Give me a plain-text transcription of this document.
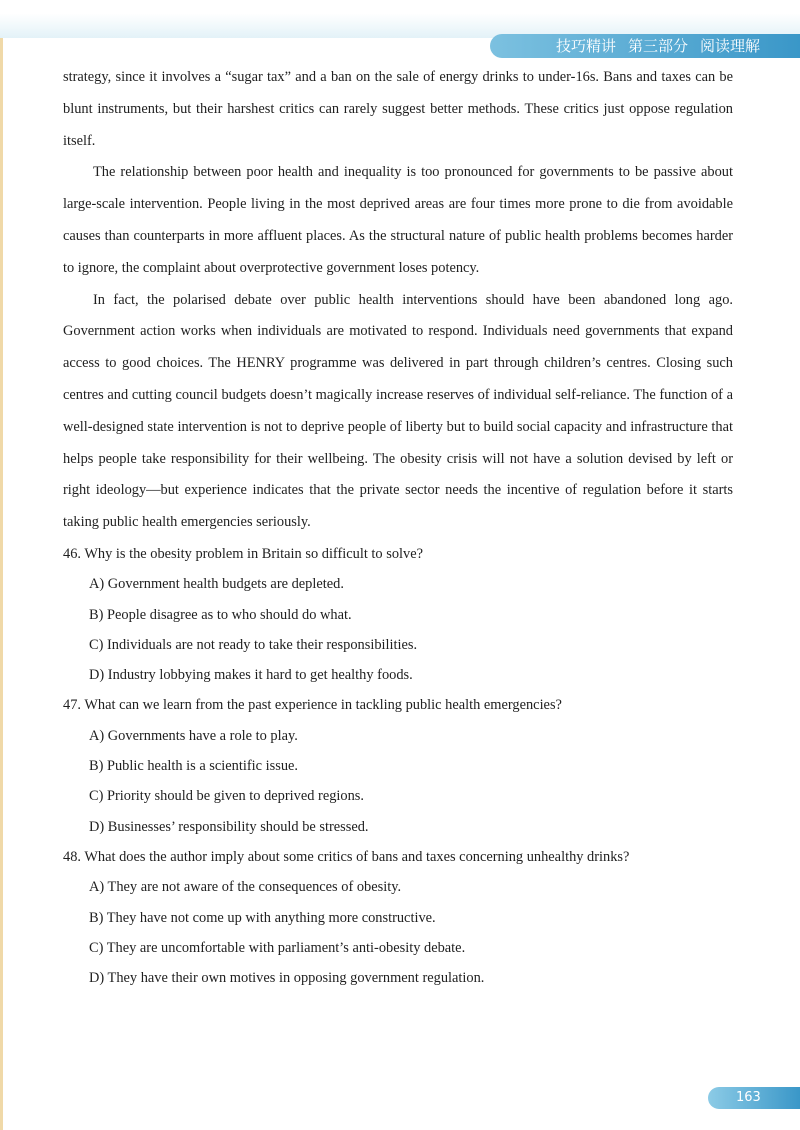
技巧精讲 第三部分 阅读理解

strategy, since it involves a “sugar tax” and a ban on the sale of energy drinks to under-16s. Bans and taxes can be blunt instruments, but their harshest critics can rarely suggest better methods. These critics just oppose regulation itself.

The relationship between poor health and inequality is too pronounced for governments to be passive about large-scale intervention. People living in the most deprived areas are four times more prone to die from avoidable causes than counterparts in more affluent places. As the structural nature of public health problems becomes harder to ignore, the complaint about overprotective government loses potency.

In fact, the polarised debate over public health interventions should have been abandoned long ago. Government action works when individuals are motivated to respond. Individuals need governments that expand access to good choices. The HENRY programme was delivered in part through children’s centres. Closing such centres and cutting council budgets doesn’t magically increase reserves of individual self-reliance. The function of a well-designed state intervention is not to deprive people of liberty but to build social capacity and infrastructure that helps people take responsibility for their wellbeing. The obesity crisis will not have a solution devised by left or right ideology—but experience indicates that the private sector needs the incentive of regulation before it starts taking public health emergencies seriously.

46. Why is the obesity problem in Britain so difficult to solve?

A) Government health budgets are depleted.
B) People disagree as to who should do what.
C) Individuals are not ready to take their responsibilities.
D) Industry lobbying makes it hard to get healthy foods.

47. What can we learn from the past experience in tackling public health emergencies?

A) Governments have a role to play.
B) Public health is a scientific issue.
C) Priority should be given to deprived regions.
D) Businesses’ responsibility should be stressed.

48. What does the author imply about some critics of bans and taxes concerning unhealthy drinks?

A) They are not aware of the consequences of obesity.
B) They have not come up with anything more constructive.
C) They are uncomfortable with parliament’s anti-obesity debate.
D) They have their own motives in opposing government regulation.
163
